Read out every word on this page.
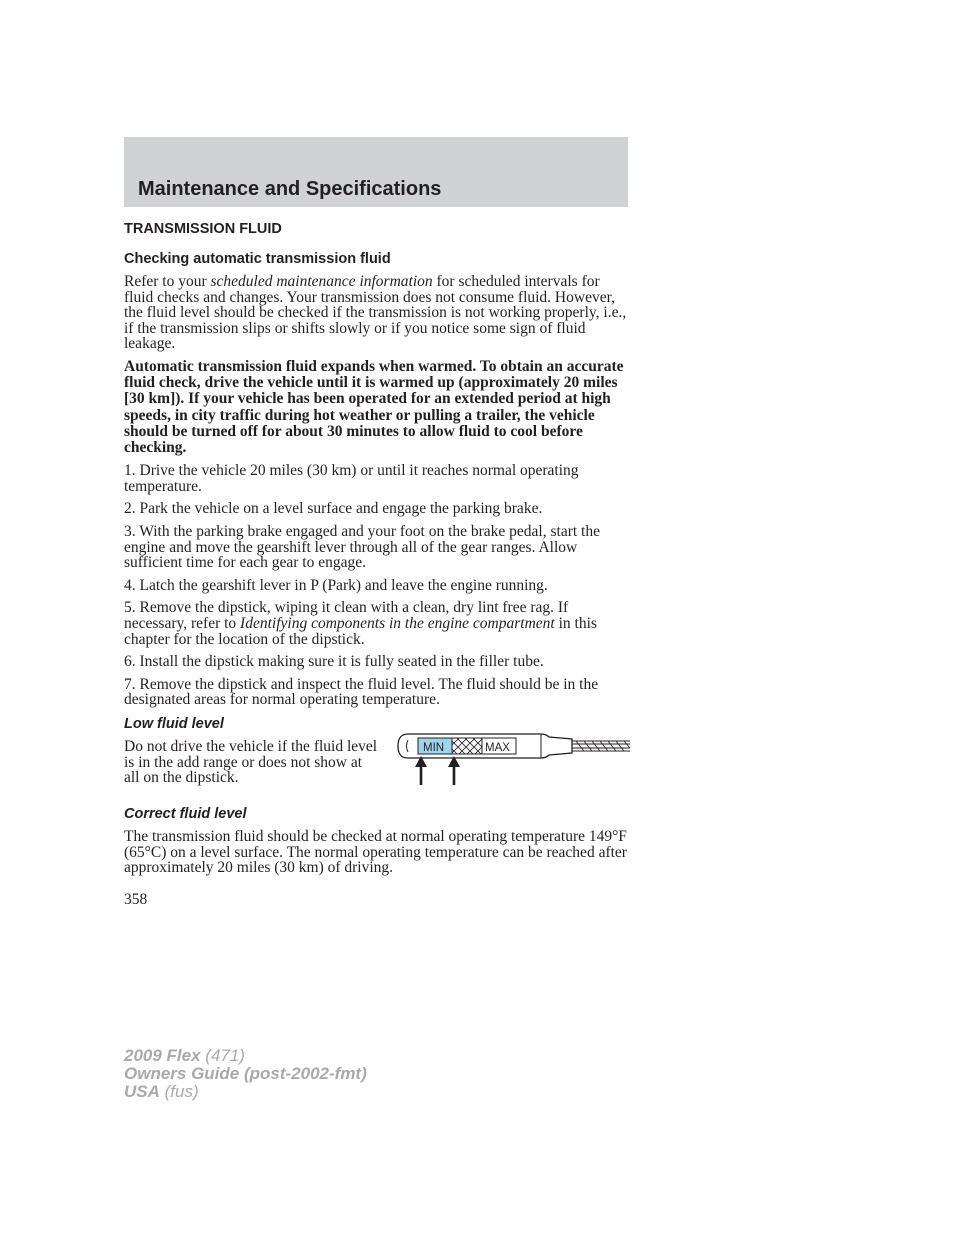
Maintenance and Specifications
TRANSMISSION FLUID
Checking automatic transmission fluid

Refer to your scheduled maintenance information for scheduled intervals for fluid checks and changes. Your transmission does not consume fluid. However, the fluid level should be checked if the transmission is not working properly, i.e., if the transmission slips or shifts slowly or if you notice some sign of fluid leakage.

Automatic transmission fluid expands when warmed. To obtain an accurate fluid check, drive the vehicle until it is warmed up (approximately 20 miles [30 km]). If your vehicle has been operated for an extended period at high speeds, in city traffic during hot weather or pulling a trailer, the vehicle should be turned off for about 30 minutes to allow fluid to cool before checking.

1. Drive the vehicle 20 miles (30 km) or until it reaches normal operating temperature.

2. Park the vehicle on a level surface and engage the parking brake.

3. With the parking brake engaged and your foot on the brake pedal, start the engine and move the gearshift lever through all of the gear ranges. Allow sufficient time for each gear to engage.

4. Latch the gearshift lever in P (Park) and leave the engine running.

5. Remove the dipstick, wiping it clean with a clean, dry lint free rag. If necessary, refer to Identifying components in the engine compartment in this chapter for the location of the dipstick.

6. Install the dipstick making sure it is fully seated in the filler tube.

7. Remove the dipstick and inspect the fluid level. The fluid should be in the designated areas for normal operating temperature.

Low fluid level

Do not drive the vehicle if the fluid level is in the add range or does not show at all on the dipstick.

MIN	MAX
Correct fluid level

The transmission fluid should be checked at normal operating temperature 149°F (65°C) on a level surface. The normal operating temperature can be reached after approximately 20 miles (30 km) of driving.

358
2009 Flex (471)
Owners Guide (post-2002-fmt)
USA (fus)
